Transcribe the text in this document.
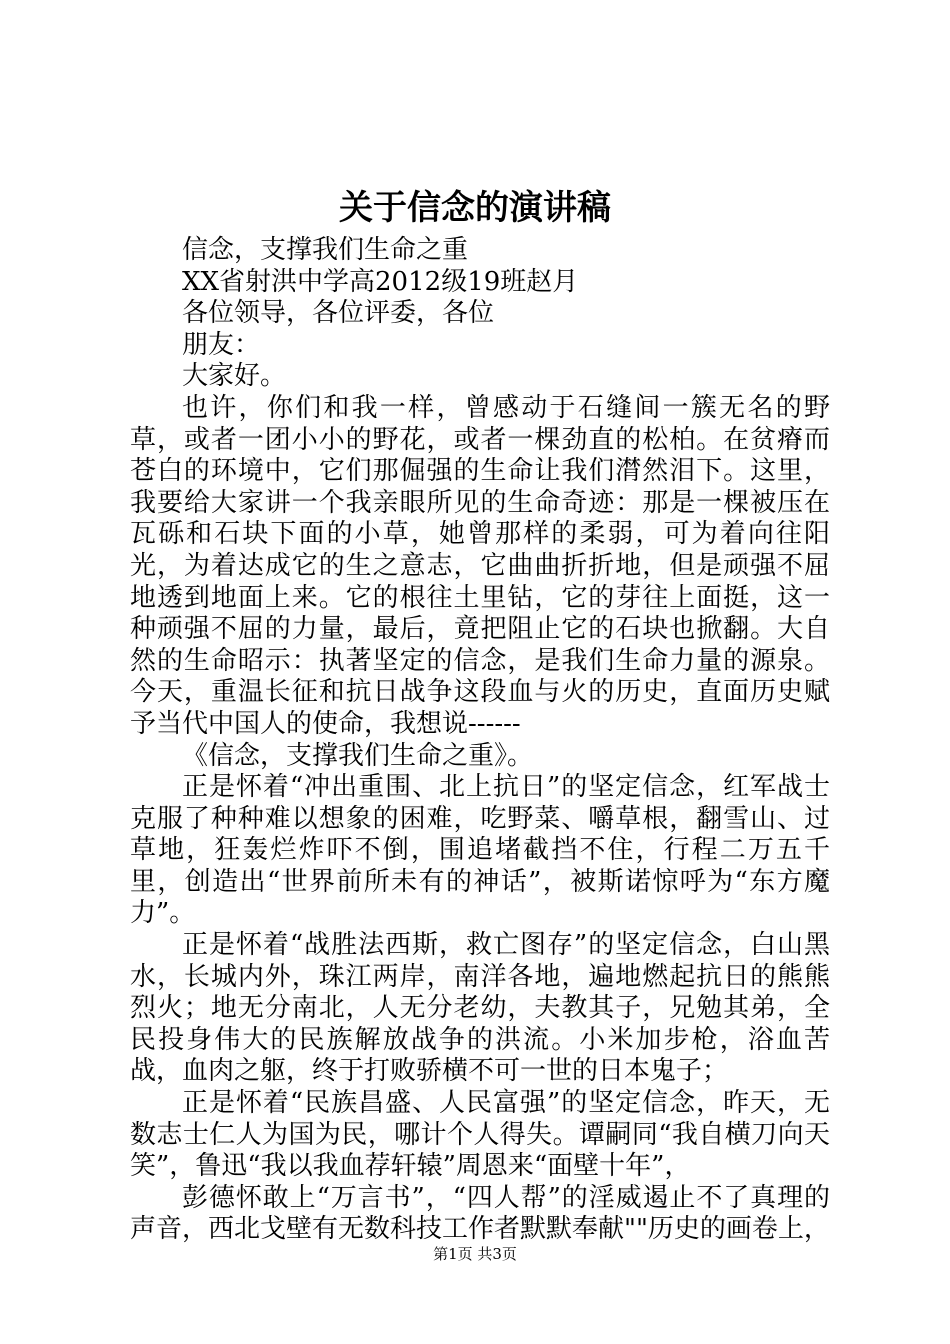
关于信念的演讲稿

信念，支撑我们生命之重

XX省射洪中学高2012级19班赵月

各位领导，各位评委，各位

朋友：

大家好。

也许，你们和我一样，曾感动于石缝间一簇无名的野草，或者一团小小的野花，或者一棵劲直的松柏。在贫瘠而苍白的环境中，它们那倔强的生命让我们潸然泪下。这里，我要给大家讲一个我亲眼所见的生命奇迹：那是一棵被压在瓦砾和石块下面的小草，她曾那样的柔弱，可为着向往阳光，为着达成它的生之意志，它曲曲折折地，但是顽强不屈地透到地面上来。它的根往土里钻，它的芽往上面挺，这一种顽强不屈的力量，最后，竟把阻止它的石块也掀翻。大自然的生命昭示：执著坚定的信念，是我们生命力量的源泉。今天，重温长征和抗日战争这段血与火的历史，直面历史赋予当代中国人的使命，我想说------

《信念，支撑我们生命之重》。

正是怀着“冲出重围、北上抗日”的坚定信念，红军战士克服了种种难以想象的困难，吃野菜、嚼草根，翻雪山、过草地，狂轰烂炸吓不倒，围追堵截挡不住，行程二万五千里，创造出“世界前所未有的神话”，被斯诺惊呼为“东方魔力”。

正是怀着“战胜法西斯，救亡图存”的坚定信念，白山黑水，长城内外，珠江两岸，南洋各地，遍地燃起抗日的熊熊烈火；地无分南北，人无分老幼，夫教其子，兄勉其弟，全民投身伟大的民族解放战争的洪流。小米加步枪，浴血苦战，血肉之躯，终于打败骄横不可一世的日本鬼子；

正是怀着“民族昌盛、人民富强”的坚定信念，昨天，无数志士仁人为国为民，哪计个人得失。谭嗣同“我自横刀向天笑”，鲁迅“我以我血荐轩辕”周恩来“面壁十年”，

彭德怀敢上“万言书”，“四人帮”的淫威遏止不了真理的声音，西北戈壁有无数科技工作者默默奉献""历史的画卷上，

第1页 共3页
